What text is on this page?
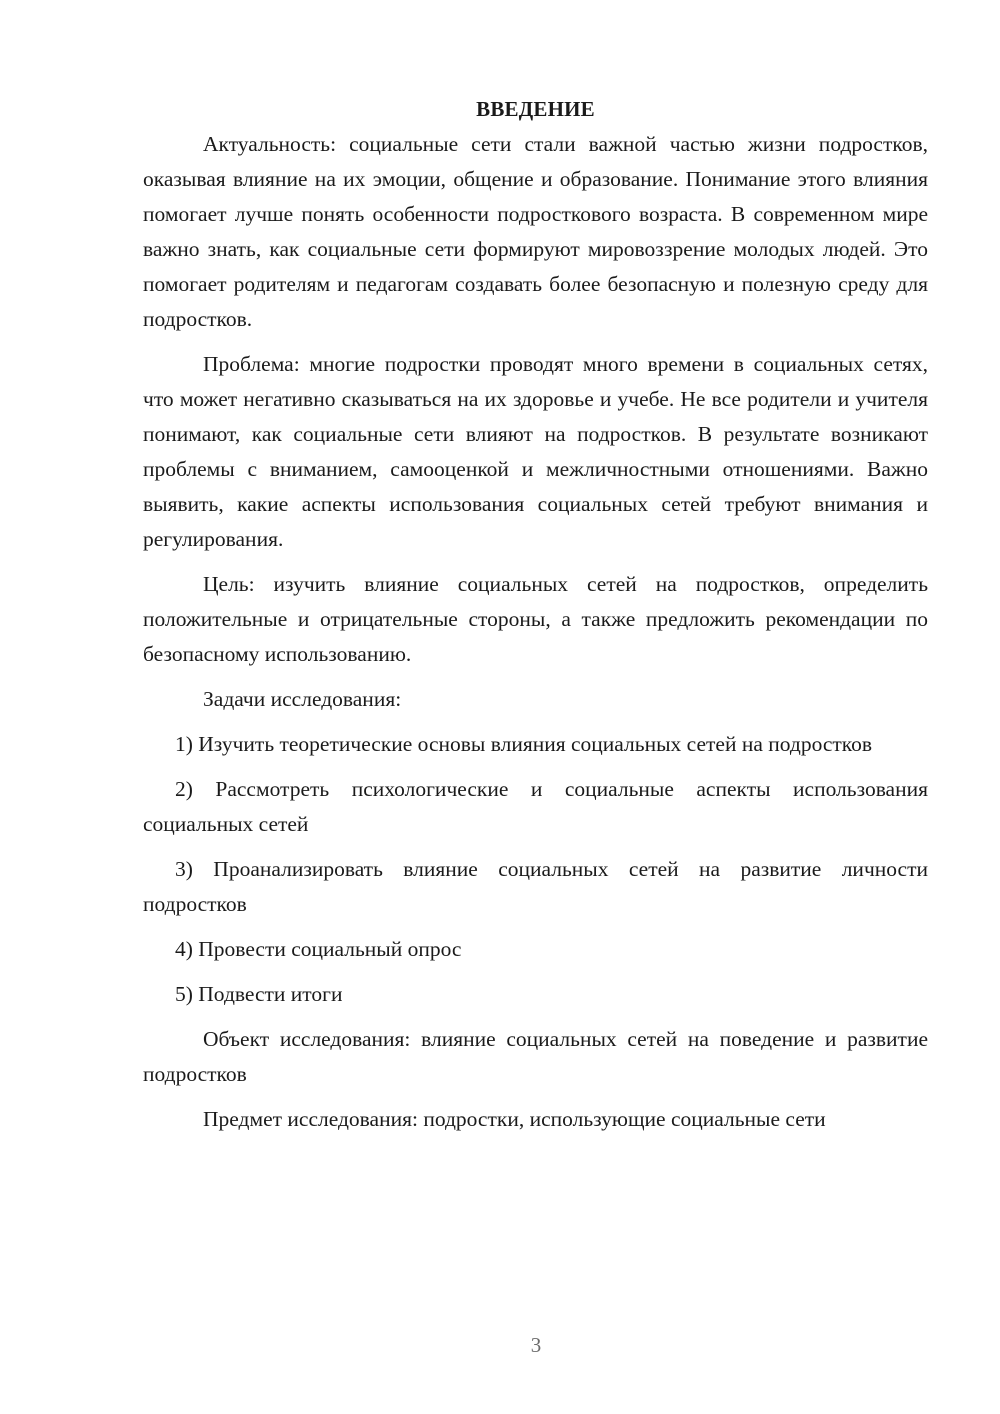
ВВЕДЕНИЕ

Актуальность: социальные сети стали важной частью жизни подростков, оказывая влияние на их эмоции, общение и образование. Понимание этого влияния помогает лучше понять особенности подросткового возраста. В современном мире важно знать, как социальные сети формируют мировоззрение молодых людей. Это помогает родителям и педагогам создавать более безопасную и полезную среду для подростков.

Проблема: многие подростки проводят много времени в социальных сетях, что может негативно сказываться на их здоровье и учебе. Не все родители и учителя понимают, как социальные сети влияют на подростков. В результате возникают проблемы с вниманием, самооценкой и межличностными отношениями. Важно выявить, какие аспекты использования социальных сетей требуют внимания и регулирования.

Цель: изучить влияние социальных сетей на подростков, определить положительные и отрицательные стороны, а также предложить рекомендации по безопасному использованию.

Задачи исследования:

1) Изучить теоретические основы влияния социальных сетей на подростков

2) Рассмотреть психологические и социальные аспекты использования социальных сетей

3) Проанализировать влияние социальных сетей на развитие личности подростков

4) Провести социальный опрос

5) Подвести итоги

Объект исследования: влияние социальных сетей на поведение и развитие подростков

Предмет исследования: подростки, использующие социальные сети

3
